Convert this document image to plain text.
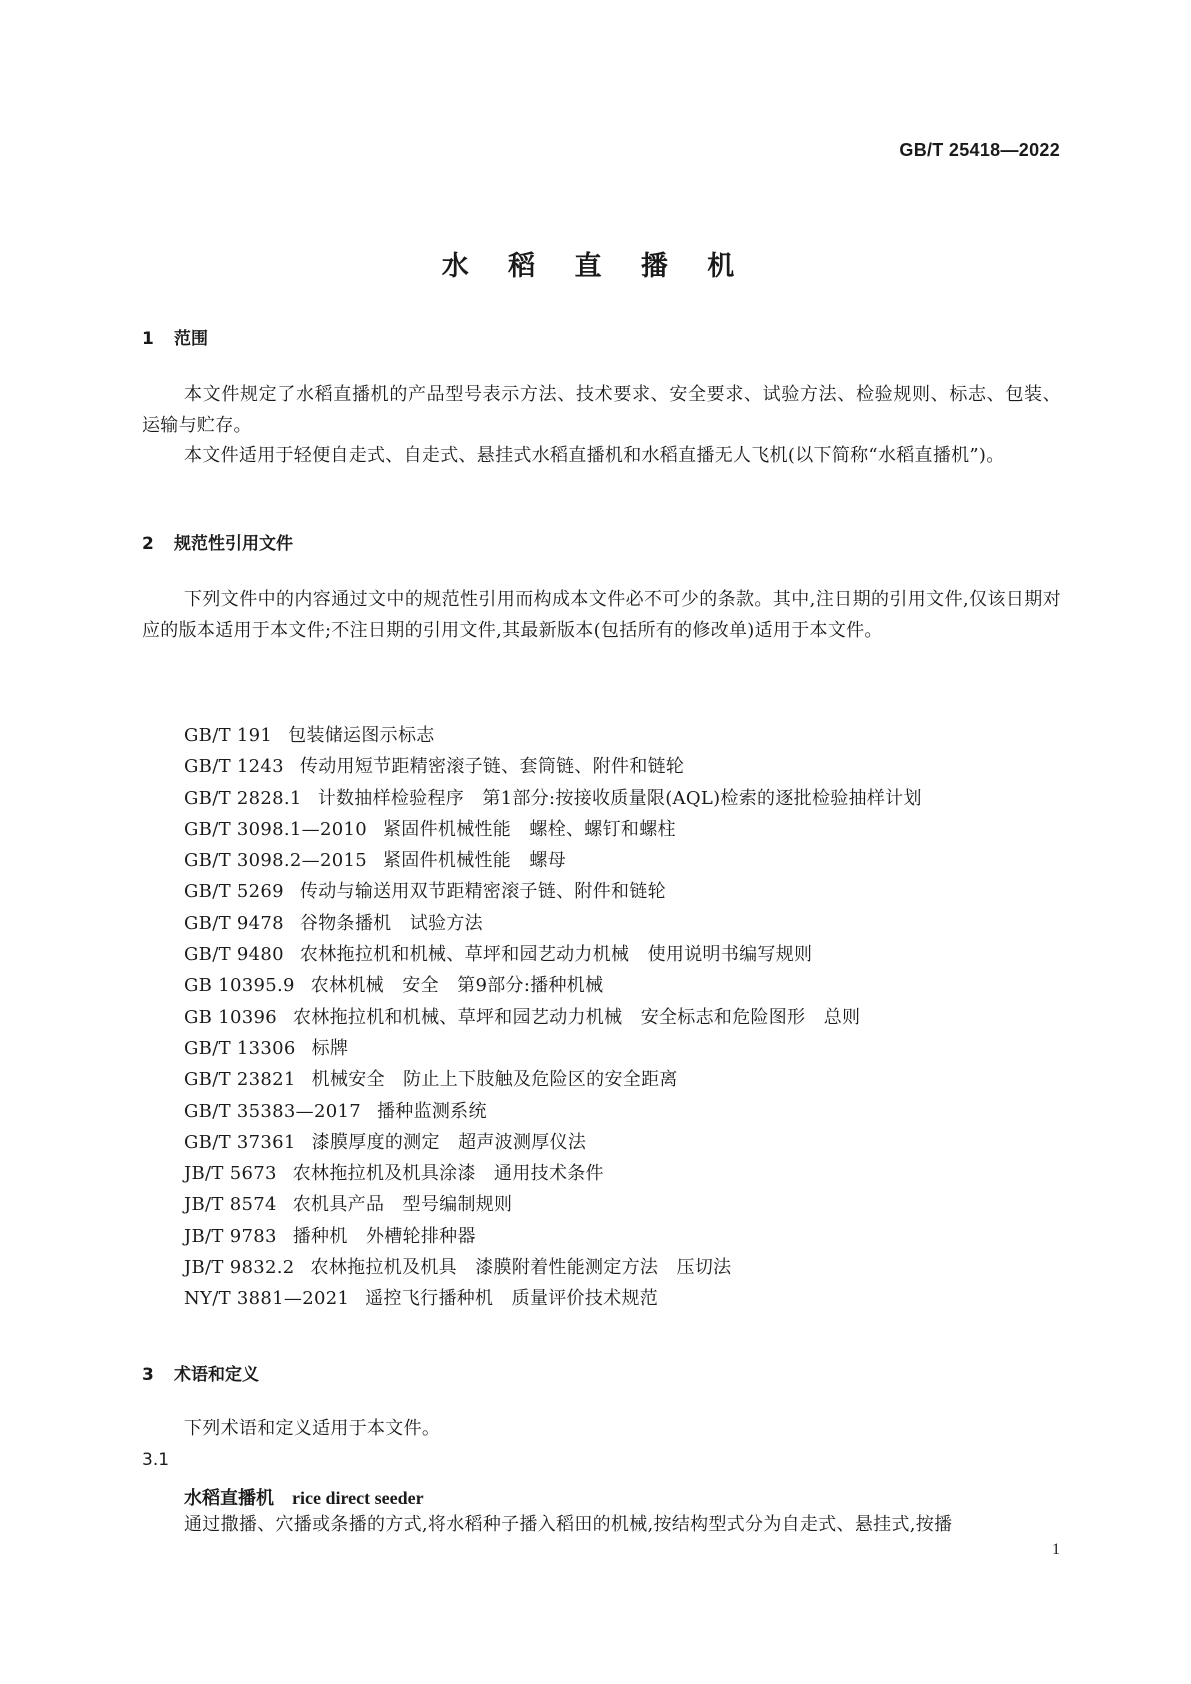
GB/T 25418—2022
水 稻 直 播 机
1 范围
本文件规定了水稻直播机的产品型号表示方法、技术要求、安全要求、试验方法、检验规则、标志、包装、运输与贮存。
本文件适用于轻便自走式、自走式、悬挂式水稻直播机和水稻直播无人飞机(以下简称“水稻直播机”)。
2 规范性引用文件
下列文件中的内容通过文中的规范性引用而构成本文件必不可少的条款。其中,注日期的引用文件,仅该日期对应的版本适用于本文件;不注日期的引用文件,其最新版本(包括所有的修改单)适用于本文件。
GB/T 191 包装储运图示标志
GB/T 1243 传动用短节距精密滚子链、套筒链、附件和链轮
GB/T 2828.1 计数抽样检验程序　第1部分:按接收质量限(AQL)检索的逐批检验抽样计划
GB/T 3098.1—2010 紧固件机械性能　螺栓、螺钉和螺柱
GB/T 3098.2—2015 紧固件机械性能　螺母
GB/T 5269 传动与输送用双节距精密滚子链、附件和链轮
GB/T 9478 谷物条播机　试验方法
GB/T 9480 农林拖拉机和机械、草坪和园艺动力机械　使用说明书编写规则
GB 10395.9 农林机械　安全　第9部分:播种机械
GB 10396 农林拖拉机和机械、草坪和园艺动力机械　安全标志和危险图形　总则
GB/T 13306 标牌
GB/T 23821 机械安全　防止上下肢触及危险区的安全距离
GB/T 35383—2017 播种监测系统
GB/T 37361 漆膜厚度的测定　超声波测厚仪法
JB/T 5673 农林拖拉机及机具涂漆　通用技术条件
JB/T 8574 农机具产品　型号编制规则
JB/T 9783 播种机　外槽轮排种器
JB/T 9832.2 农林拖拉机及机具　漆膜附着性能测定方法　压切法
NY/T 3881—2021 遥控飞行播种机　质量评价技术规范
3 术语和定义
下列术语和定义适用于本文件。
3.1
水稻直播机 rice direct seeder
通过撒播、穴播或条播的方式,将水稻种子播入稻田的机械,按结构型式分为自走式、悬挂式,按播
1
